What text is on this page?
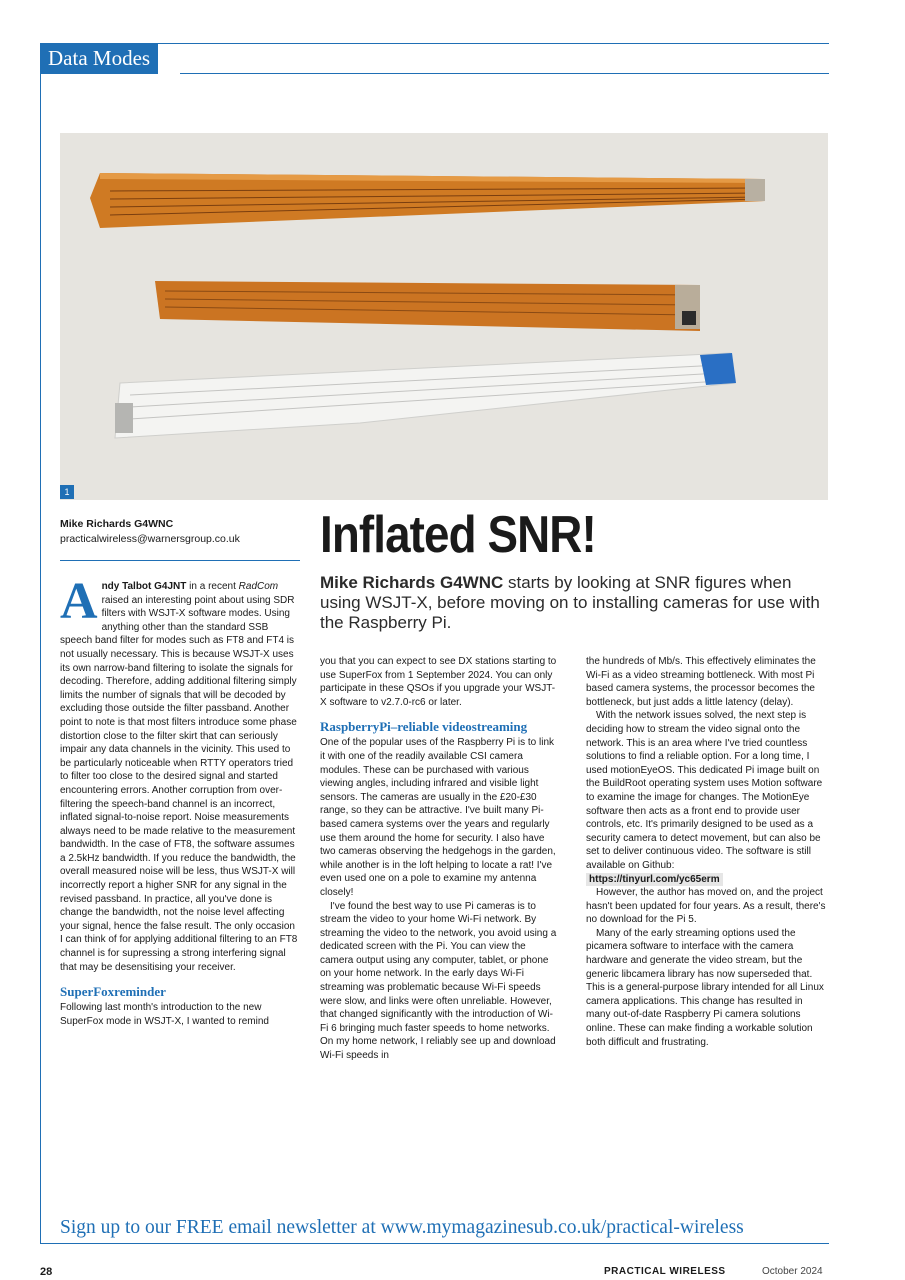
Data Modes
1
Mike Richards G4WNC
practicalwireless@warnersgroup.co.uk	Inflated SNR!
Mike Richards G4WNC starts by looking at SNR figures when using WSJT-X, before moving on to installing cameras for use with the Raspberry Pi.

Andy Talbot G4JNT in a recent RadCom raised an interesting point about using SDR filters with WSJT-X software modes. Using anything other than the standard SSB speech band filter for modes such as FT8 and FT4 is not usually necessary. This is because WSJT-X uses its own narrow-band filtering to isolate the signals for decoding. Therefore, adding additional filtering simply limits the number of signals that will be decoded by excluding those outside the filter passband. Another point to note is that most filters introduce some phase distortion close to the filter skirt that can seriously impair any data channels in the vicinity. This used to be particularly noticeable when RTTY operators tried to filter too close to the desired signal and started encountering errors. Another corruption from over-filtering the speech-band channel is an incorrect, inflated signal-to-noise report. Noise measurements always need to be made relative to the measurement bandwidth. In the case of FT8, the software assumes a 2.5kHz bandwidth. If you reduce the bandwidth, the overall measured noise will be less, thus WSJT-X will incorrectly report a higher SNR for any signal in the revised passband. In practice, all you've done is change the bandwidth, not the noise level affecting your signal, hence the false result. The only occasion I can think of for applying additional filtering to an FT8 channel is for supressing a strong interfering signal that may be desensitising your receiver.

SuperFoxreminder

Following last month's introduction to the new SuperFox mode in WSJT-X, I wanted to remind

you that you can expect to see DX stations starting to use SuperFox from 1 September 2024. You can only participate in these QSOs if you upgrade your WSJT-X software to v2.7.0-rc6 or later.

RaspberryPi–reliable videostreaming

One of the popular uses of the Raspberry Pi is to link it with one of the readily available CSI camera modules. These can be purchased with various viewing angles, including infrared and visible light sensors. The cameras are usually in the £20-£30 range, so they can be attractive. I've built many Pi-based camera systems over the years and regularly use them around the home for security. I also have two cameras observing the hedgehogs in the garden, while another is in the loft helping to locate a rat! I've even used one on a pole to examine my antenna closely!

I've found the best way to use Pi cameras is to stream the video to your home Wi-Fi network. By streaming the video to the network, you avoid using a dedicated screen with the Pi. You can view the camera output using any computer, tablet, or phone on your home network. In the early days Wi-Fi streaming was problematic because Wi-Fi speeds were slow, and links were often unreliable. However, that changed significantly with the introduction of Wi-Fi 6 bringing much faster speeds to home networks. On my home network, I reliably see up and download Wi-Fi speeds in

the hundreds of Mb/s. This effectively eliminates the Wi-Fi as a video streaming bottleneck. With most Pi based camera systems, the processor becomes the bottleneck, but just adds a little latency (delay).

With the network issues solved, the next step is deciding how to stream the video signal onto the network. This is an area where I've tried countless solutions to find a reliable option. For a long time, I used motionEyeOS. This dedicated Pi image built on the BuildRoot operating system uses Motion software to examine the image for changes. The MotionEye software then acts as a front end to provide user controls, etc. It's primarily designed to be used as a security camera to detect movement, but can also be set to deliver continuous video. The software is still available on Github:

https://tinyurl.com/yc65erm

However, the author has moved on, and the project hasn't been updated for four years. As a result, there's no download for the Pi 5.

Many of the early streaming options used the picamera software to interface with the camera hardware and generate the video stream, but the generic libcamera library has now superseded that. This is a general-purpose library intended for all Linux camera applications. This change has resulted in many out-of-date Raspberry Pi camera solutions online. These can make finding a workable solution both difficult and frustrating.

Sign up to our FREE email newsletter at www.mymagazinesub.co.uk/practical-wireless
28	PRACTICAL WIRELESS	October 2024
